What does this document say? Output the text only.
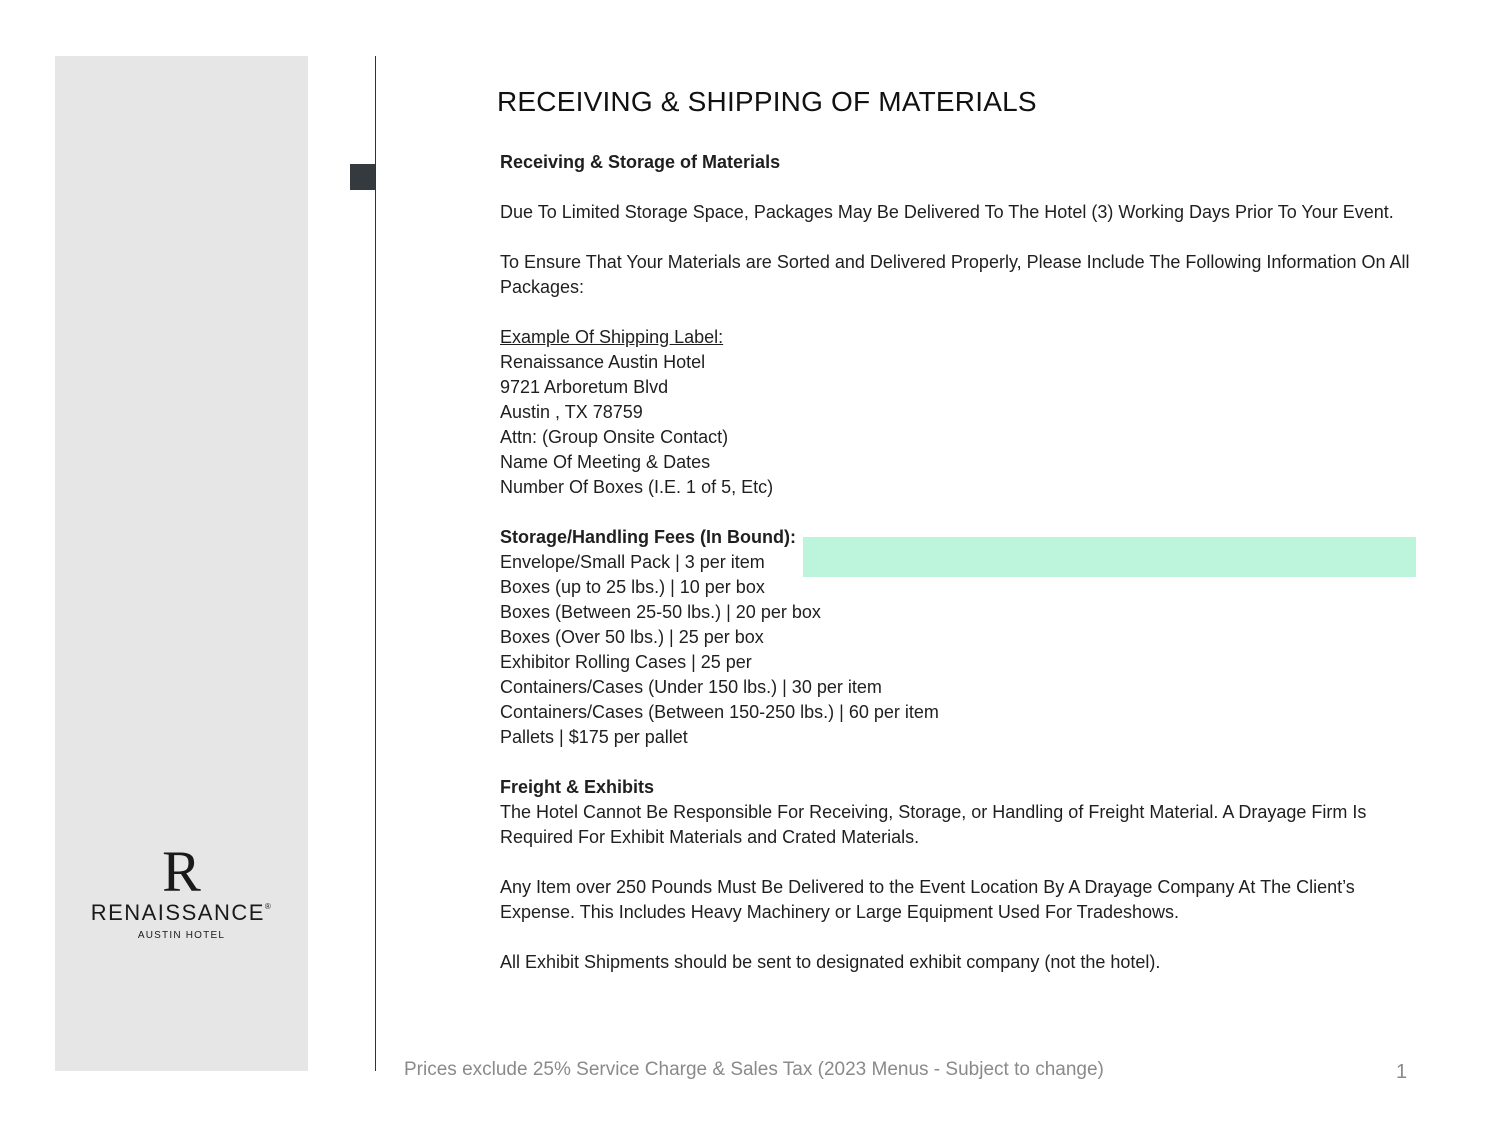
R
RENAISSANCE®
AUSTIN HOTEL
RECEIVING & SHIPPING OF MATERIALS
Receiving & Storage of Materials

Due To Limited Storage Space, Packages May Be Delivered To The Hotel (3) Working Days Prior To Your Event.

To Ensure That Your Materials are Sorted and Delivered Properly, Please Include The Following Information On All Packages:

Example Of Shipping Label:
Renaissance Austin Hotel
9721 Arboretum Blvd
Austin , TX 78759
Attn: (Group Onsite Contact)
Name Of Meeting & Dates
Number Of Boxes (I.E. 1 of 5, Etc)
Storage/Handling Fees (In Bound):
Envelope/Small Pack | 3 per item
Boxes (up to 25 lbs.) | 10 per box
Boxes (Between 25-50 lbs.) | 20 per box
Boxes (Over 50 lbs.) | 25 per box
Exhibitor Rolling Cases | 25 per
Containers/Cases (Under 150 lbs.) | 30 per item
Containers/Cases (Between 150-250 lbs.) | 60 per item
Pallets | $175 per pallet
Freight & Exhibits

The Hotel Cannot Be Responsible For Receiving, Storage, or Handling of Freight Material. A Drayage Firm Is Required For Exhibit Materials and Crated Materials.

Any Item over 250 Pounds Must Be Delivered to the Event Location By A Drayage Company At The Client’s Expense. This Includes Heavy Machinery or Large Equipment Used For Tradeshows.

All Exhibit Shipments should be sent to designated exhibit company (not the hotel).

Prices exclude 25% Service Charge & Sales Tax (2023 Menus - Subject to change)	1
